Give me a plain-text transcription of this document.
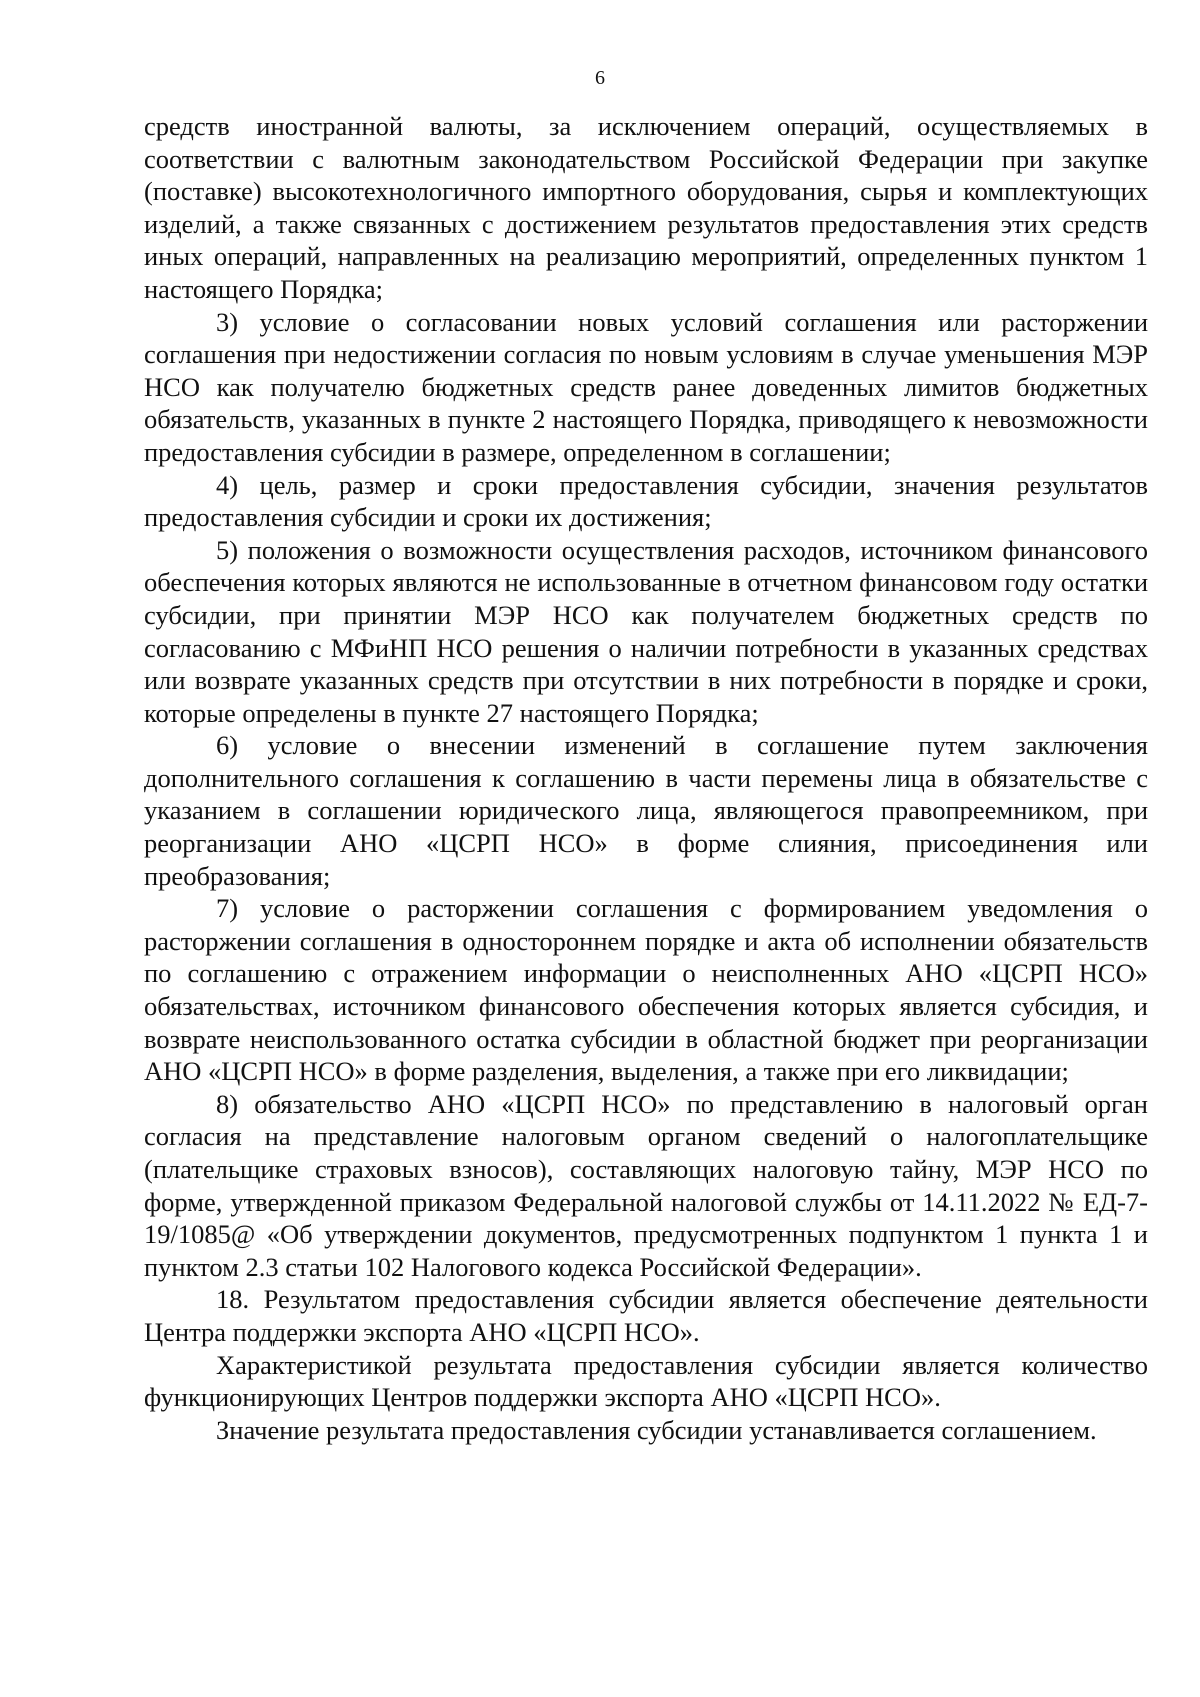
6

средств иностранной валюты, за исключением операций, осуществляемых в соответствии с валютным законодательством Российской Федерации при закупке (поставке) высокотехнологичного импортного оборудования, сырья и комплектующих изделий, а также связанных с достижением результатов предоставления этих средств иных операций, направленных на реализацию мероприятий, определенных пунктом 1 настоящего Порядка;

3) условие о согласовании новых условий соглашения или расторжении соглашения при недостижении согласия по новым условиям в случае уменьшения МЭР НСО как получателю бюджетных средств ранее доведенных лимитов бюджетных обязательств, указанных в пункте 2 настоящего Порядка, приводящего к невозможности предоставления субсидии в размере, определенном в соглашении;

4) цель, размер и сроки предоставления субсидии, значения результатов предоставления субсидии и сроки их достижения;

5) положения о возможности осуществления расходов, источником финансового обеспечения которых являются не использованные в отчетном финансовом году остатки субсидии, при принятии МЭР НСО как получателем бюджетных средств по согласованию с МФиНП НСО решения о наличии потребности в указанных средствах или возврате указанных средств при отсутствии в них потребности в порядке и сроки, которые определены в пункте 27 настоящего Порядка;

6) условие о внесении изменений в соглашение путем заключения дополнительного соглашения к соглашению в части перемены лица в обязательстве с указанием в соглашении юридического лица, являющегося правопреемником, при реорганизации АНО «ЦСРП НСО» в форме слияния, присоединения или преобразования;

7) условие о расторжении соглашения с формированием уведомления о расторжении соглашения в одностороннем порядке и акта об исполнении обязательств по соглашению с отражением информации о неисполненных АНО «ЦСРП НСО» обязательствах, источником финансового обеспечения которых является субсидия, и возврате неиспользованного остатка субсидии в областной бюджет при реорганизации АНО «ЦСРП НСО» в форме разделения, выделения, а также при его ликвидации;

8) обязательство АНО «ЦСРП НСО» по представлению в налоговый орган согласия на представление налоговым органом сведений о налогоплательщике (плательщике страховых взносов), составляющих налоговую тайну, МЭР НСО по форме, утвержденной приказом Федеральной налоговой службы от 14.11.2022 № ЕД-7-19/1085@ «Об утверждении документов, предусмотренных подпунктом 1 пункта 1 и пунктом 2.3 статьи 102 Налогового кодекса Российской Федерации».

18. Результатом предоставления субсидии является обеспечение деятельности Центра поддержки экспорта АНО «ЦСРП НСО».

Характеристикой результата предоставления субсидии является количество функционирующих Центров поддержки экспорта АНО «ЦСРП НСО».

Значение результата предоставления субсидии устанавливается соглашением.
